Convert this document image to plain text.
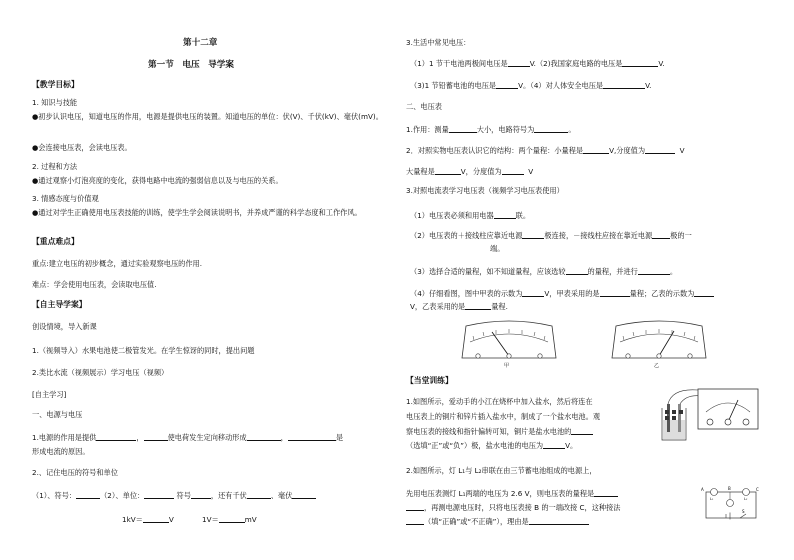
第十二章
第一节　电压　导学案
【教学目标】
1. 知识与技能
●初步认识电压，知道电压的作用，电源是提供电压的装置。知道电压的单位：伏(V)、千伏(kV)、毫伏(mV)。
●会连接电压表，会读电压表。
2. 过程和方法
●通过观察小灯泡亮度的变化，获得电路中电流的强弱信息以及与电压的关系。
3. 情感态度与价值观
●通过对学生正确使用电压表技能的训练，使学生学会阅读说明书，并养成严谨的科学态度和工作作风。
【重点难点】
重点:建立电压的初步概念，通过实验观察电压的作用.
难点：学会使用电压表，会读取电压值.
【自主导学案】
创设情境，导入新课
1.（视频导入）水果电池使二极管发光。在学生惊讶的同时，提出问题
2.类比水流（视频展示）学习电压（视频）
[自主学习]
一、电源与电压
1.电源的作用是提供	，	使电荷发生定向移动形成	，	是
形成电流的原因。
2.、记住电压的符号和单位
（1）、符号：	（2）、单位：	符号	，还有千伏	、毫伏
1kV＝	V	1V＝	mV
3.生活中常见电压：
（1）1 节干电池两极间电压是	V.（2)我国家庭电路的电压是	V.
（3)1 节铅蓄电池的电压是	V。（4）对人体安全电压是	V.
二、电压表
1.作用：测量	大小，电路符号为	。
2．对照实物电压表认识它的结构：两个量程：小量程是	V,分度值为	V
大量程是	V，分度值为	V
3.对照电流表学习电压表（视频学习电压表使用）
（1）电压表必须和用电器	联。
（2）电压表的＋接线柱应靠近电源	极连接，－接线柱应接在靠近电源	极的一
端。
（3）选择合适的量程，如不知道量程，应该选较	的量程，并进行	。
（4）仔细看图，图中甲表的示数为	V，甲表采用的是	量程；乙表的示数为
V，乙表采用的是	量程.
甲	乙
【当堂训练】
1.如图所示，爱动手的小江在烧杯中加入盐水，然后将连在
电压表上的铜片和锌片插入盐水中，制成了一个盐水电池。观
察电压表的接线和指针偏转可知，铜片是盐水电池的
（选填“正”或“负”）极，盐水电池的电压为	V。
2.如图所示，灯 L₁与 L₂串联在由三节蓄电池组成的电源上，
先用电压表测灯 L₁两端的电压为 2.6 V，则电压表的量程是
，再测电源电压时，只将电压表接 B 的一端改接 C，这种接法
（填“正确”或“不正确”），理由是
A	B	C
S
L₁	L₂
